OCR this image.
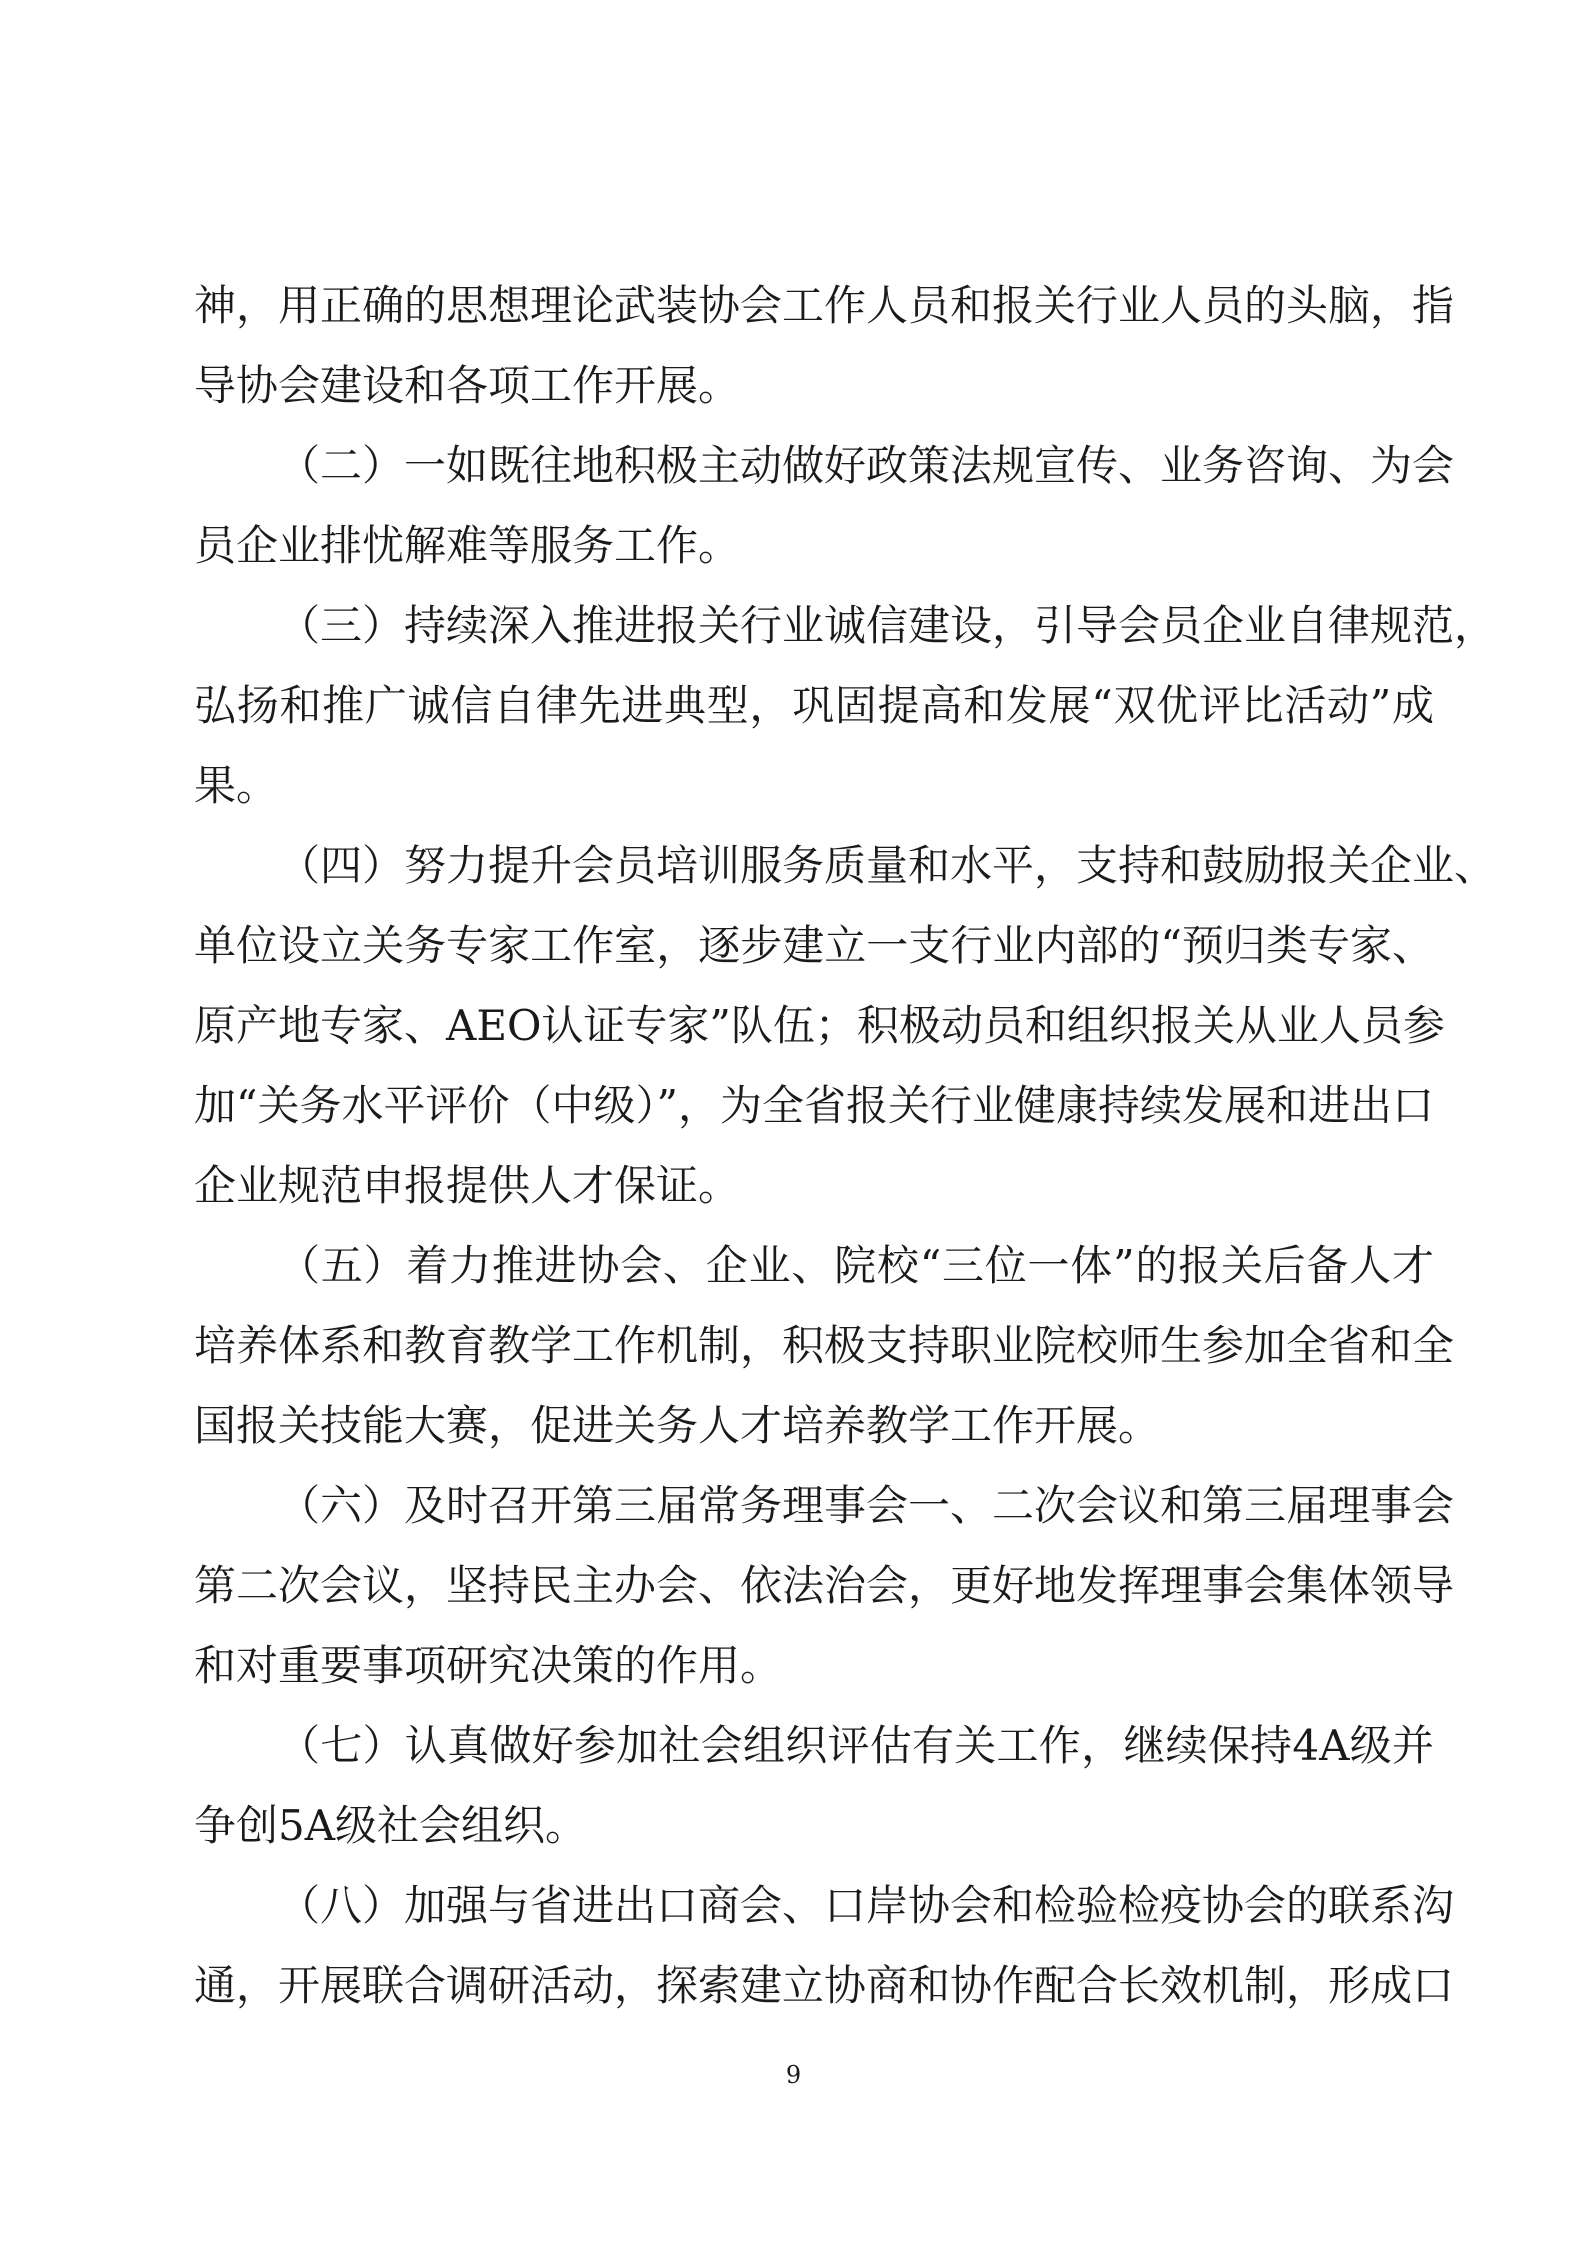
神，用正确的思想理论武装协会工作人员和报关行业人员的头脑，指

导协会建设和各项工作开展。

（二）一如既往地积极主动做好政策法规宣传、业务咨询、为会

员企业排忧解难等服务工作。

（三）持续深入推进报关行业诚信建设，引导会员企业自律规范，

弘扬和推广诚信自律先进典型，巩固提高和发展“双优评比活动”成

果。

（四）努力提升会员培训服务质量和水平，支持和鼓励报关企业、

单位设立关务专家工作室，逐步建立一支行业内部的“预归类专家、

原产地专家、AEO认证专家”队伍；积极动员和组织报关从业人员参

加“关务水平评价（中级）”，为全省报关行业健康持续发展和进出口

企业规范申报提供人才保证。

（五）着力推进协会、企业、院校“三位一体”的报关后备人才

培养体系和教育教学工作机制，积极支持职业院校师生参加全省和全

国报关技能大赛，促进关务人才培养教学工作开展。

（六）及时召开第三届常务理事会一、二次会议和第三届理事会

第二次会议，坚持民主办会、依法治会，更好地发挥理事会集体领导

和对重要事项研究决策的作用。

（七）认真做好参加社会组织评估有关工作，继续保持4A级并

争创5A级社会组织。

（八）加强与省进出口商会、口岸协会和检验检疫协会的联系沟

通，开展联合调研活动，探索建立协商和协作配合长效机制，形成口

9
